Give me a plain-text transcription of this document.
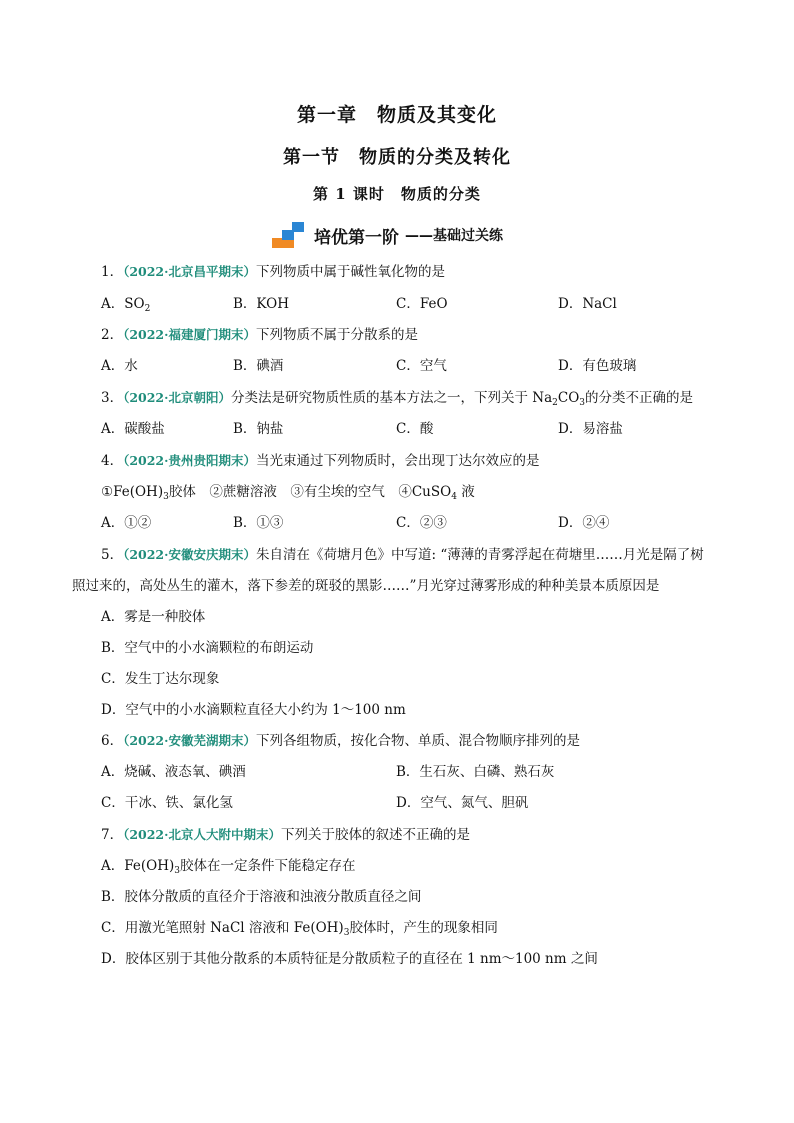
第一章　物质及其变化
第一节　物质的分类及转化
第 1 课时　物质的分类
培优第一阶 ——基础过关练
1．（2022·北京昌平期末）下列物质中属于碱性氧化物的是
A．$SO_2$	B．KOH	C．FeO	D．NaCl
2．（2022·福建厦门期末）下列物质不属于分散系的是
A．水	B．碘酒	C．空气	D．有色玻璃
3．（2022·北京朝阳）分类法是研究物质性质的基本方法之一，下列关于 $Na_2CO_3$的分类不正确的是
A．碳酸盐	B．钠盐	C．酸	D．易溶盐
4．（2022·贵州贵阳期末）当光束通过下列物质时，会出现丁达尔效应的是
$①Fe(OH)_3$胶体　②蔗糖溶液　③有尘埃的空气　④CuSO$_4$ 液
A．①②	B．①③	C．②③	D．②④
5．（2022·安徽安庆期末）朱自清在《荷塘月色》中写道: “薄薄的青雾浮起在荷塘里……月光是隔了树
照过来的，高处丛生的灌木，落下参差的斑驳的黑影……”月光穿过薄雾形成的种种美景本质原因是
A．雾是一种胶体
B．空气中的小水滴颗粒的布朗运动
C．发生丁达尔现象
D．空气中的小水滴颗粒直径大小约为 1～100 nm
6．（2022·安徽芜湖期末）下列各组物质，按化合物、单质、混合物顺序排列的是
A．烧碱、液态氧、碘酒	B．生石灰、白磷、熟石灰
C．干冰、铁、氯化氢	D．空气、氮气、胆矾
7．（2022·北京人大附中期末）下列关于胶体的叙述不正确的是
A．$Fe(OH)_3$胶体在一定条件下能稳定存在
B．胶体分散质的直径介于溶液和浊液分散质直径之间
C．用激光笔照射 NaCl 溶液和 $Fe(OH)_3$胶体时，产生的现象相同
D．胶体区别于其他分散系的本质特征是分散质粒子的直径在 1 nm～100 nm 之间
